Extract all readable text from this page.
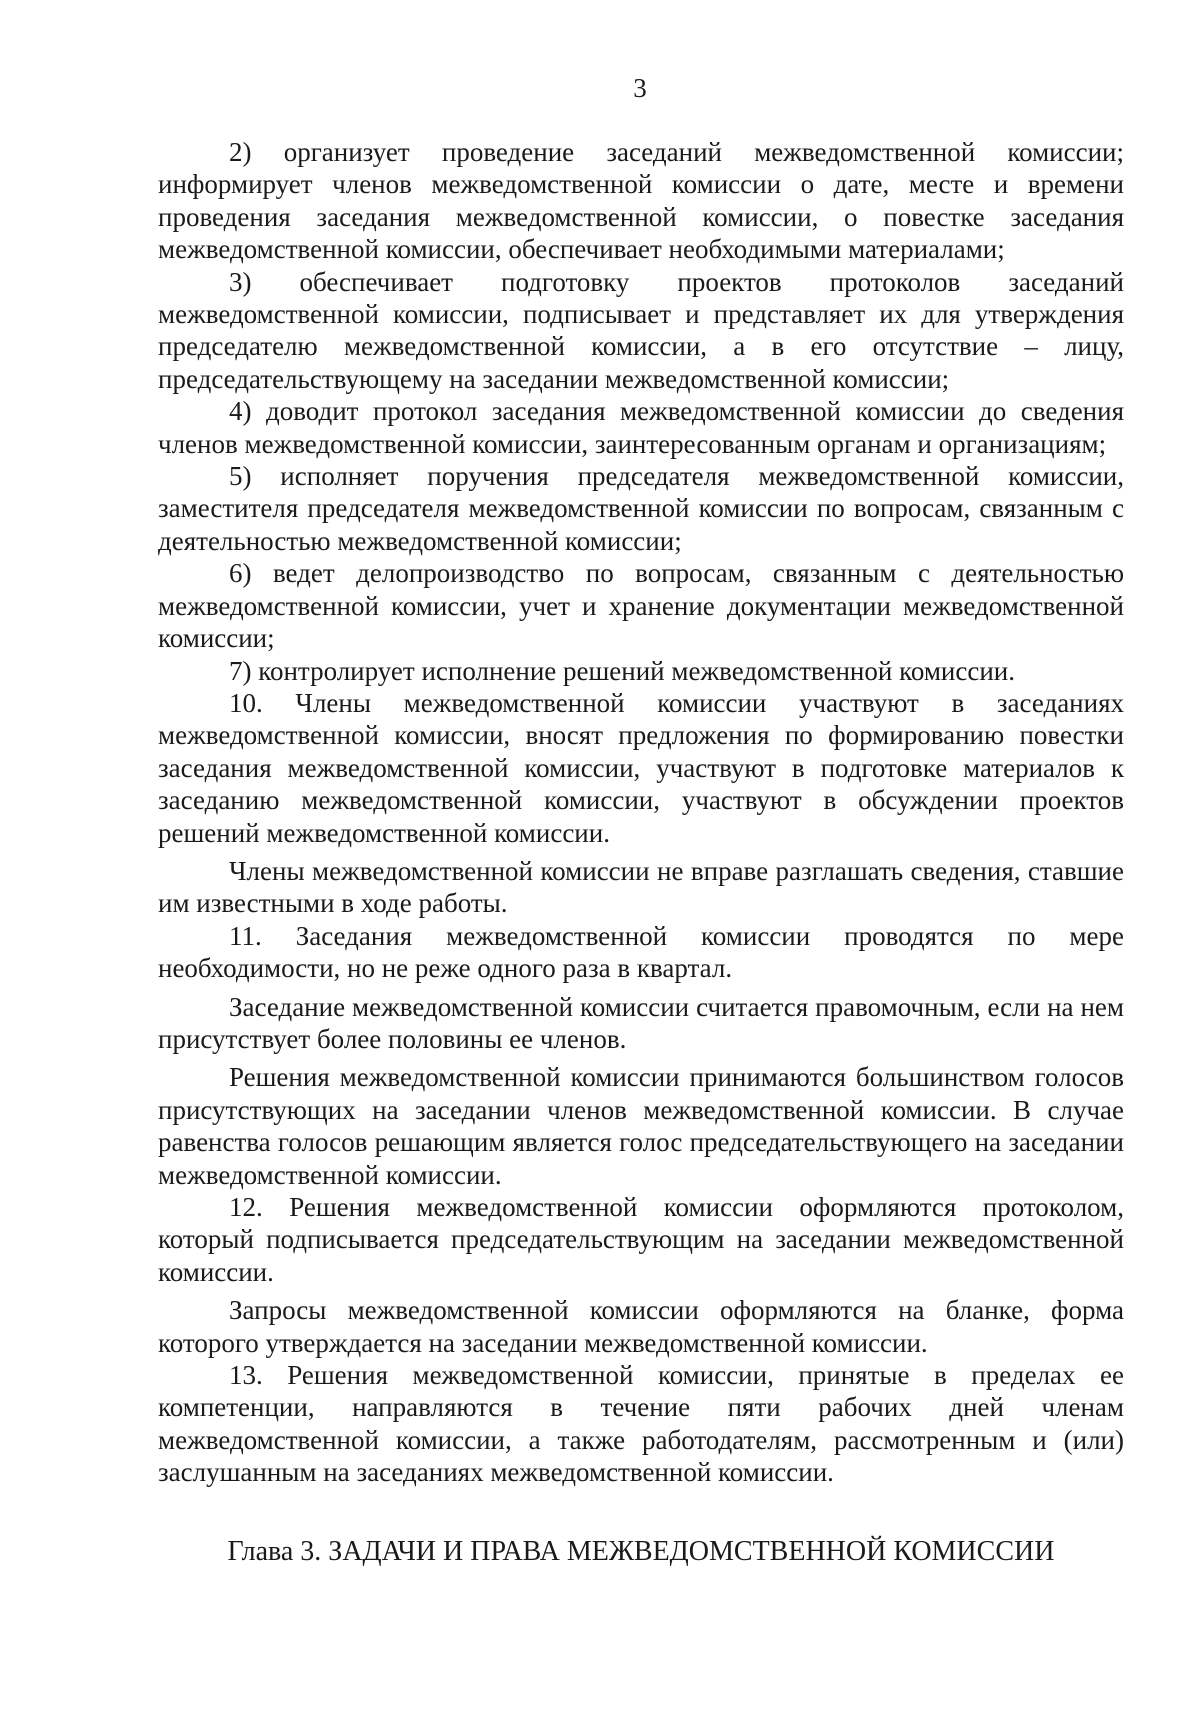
3

2) организует проведение заседаний межведомственной комиссии; информирует членов межведомственной комиссии о дате, месте и времени проведения заседания межведомственной комиссии, о повестке заседания межведомственной комиссии, обеспечивает необходимыми материалами;

3) обеспечивает подготовку проектов протоколов заседаний межведомственной комиссии, подписывает и представляет их для утверждения председателю межведомственной комиссии, а в его отсутствие – лицу, председательствующему на заседании межведомственной комиссии;

4) доводит протокол заседания межведомственной комиссии до сведения членов межведомственной комиссии, заинтересованным органам и организациям;

5) исполняет поручения председателя межведомственной комиссии, заместителя председателя межведомственной комиссии по вопросам, связанным с деятельностью межведомственной комиссии;

6) ведет делопроизводство по вопросам, связанным с деятельностью межведомственной комиссии, учет и хранение документации межведомственной комиссии;

7) контролирует исполнение решений межведомственной комиссии.

10. Члены межведомственной комиссии участвуют в заседаниях межведомственной комиссии, вносят предложения по формированию повестки заседания межведомственной комиссии, участвуют в подготовке материалов к заседанию межведомственной комиссии, участвуют в обсуждении проектов решений межведомственной комиссии.

Члены межведомственной комиссии не вправе разглашать сведения, ставшие им известными в ходе работы.

11. Заседания межведомственной комиссии проводятся по мере необходимости, но не реже одного раза в квартал.

Заседание межведомственной комиссии считается правомочным, если на нем присутствует более половины ее членов.

Решения межведомственной комиссии принимаются большинством голосов присутствующих на заседании членов межведомственной комиссии. В случае равенства голосов решающим является голос председательствующего на заседании межведомственной комиссии.

12. Решения межведомственной комиссии оформляются протоколом, который подписывается председательствующим на заседании межведомственной комиссии.

Запросы межведомственной комиссии оформляются на бланке, форма которого утверждается на заседании межведомственной комиссии.

13. Решения межведомственной комиссии, принятые в пределах ее компетенции, направляются в течение пяти рабочих дней членам межведомственной комиссии, а также работодателям, рассмотренным и (или) заслушанным на заседаниях межведомственной комиссии.

Глава 3. ЗАДАЧИ И ПРАВА МЕЖВЕДОМСТВЕННОЙ КОМИССИИ
